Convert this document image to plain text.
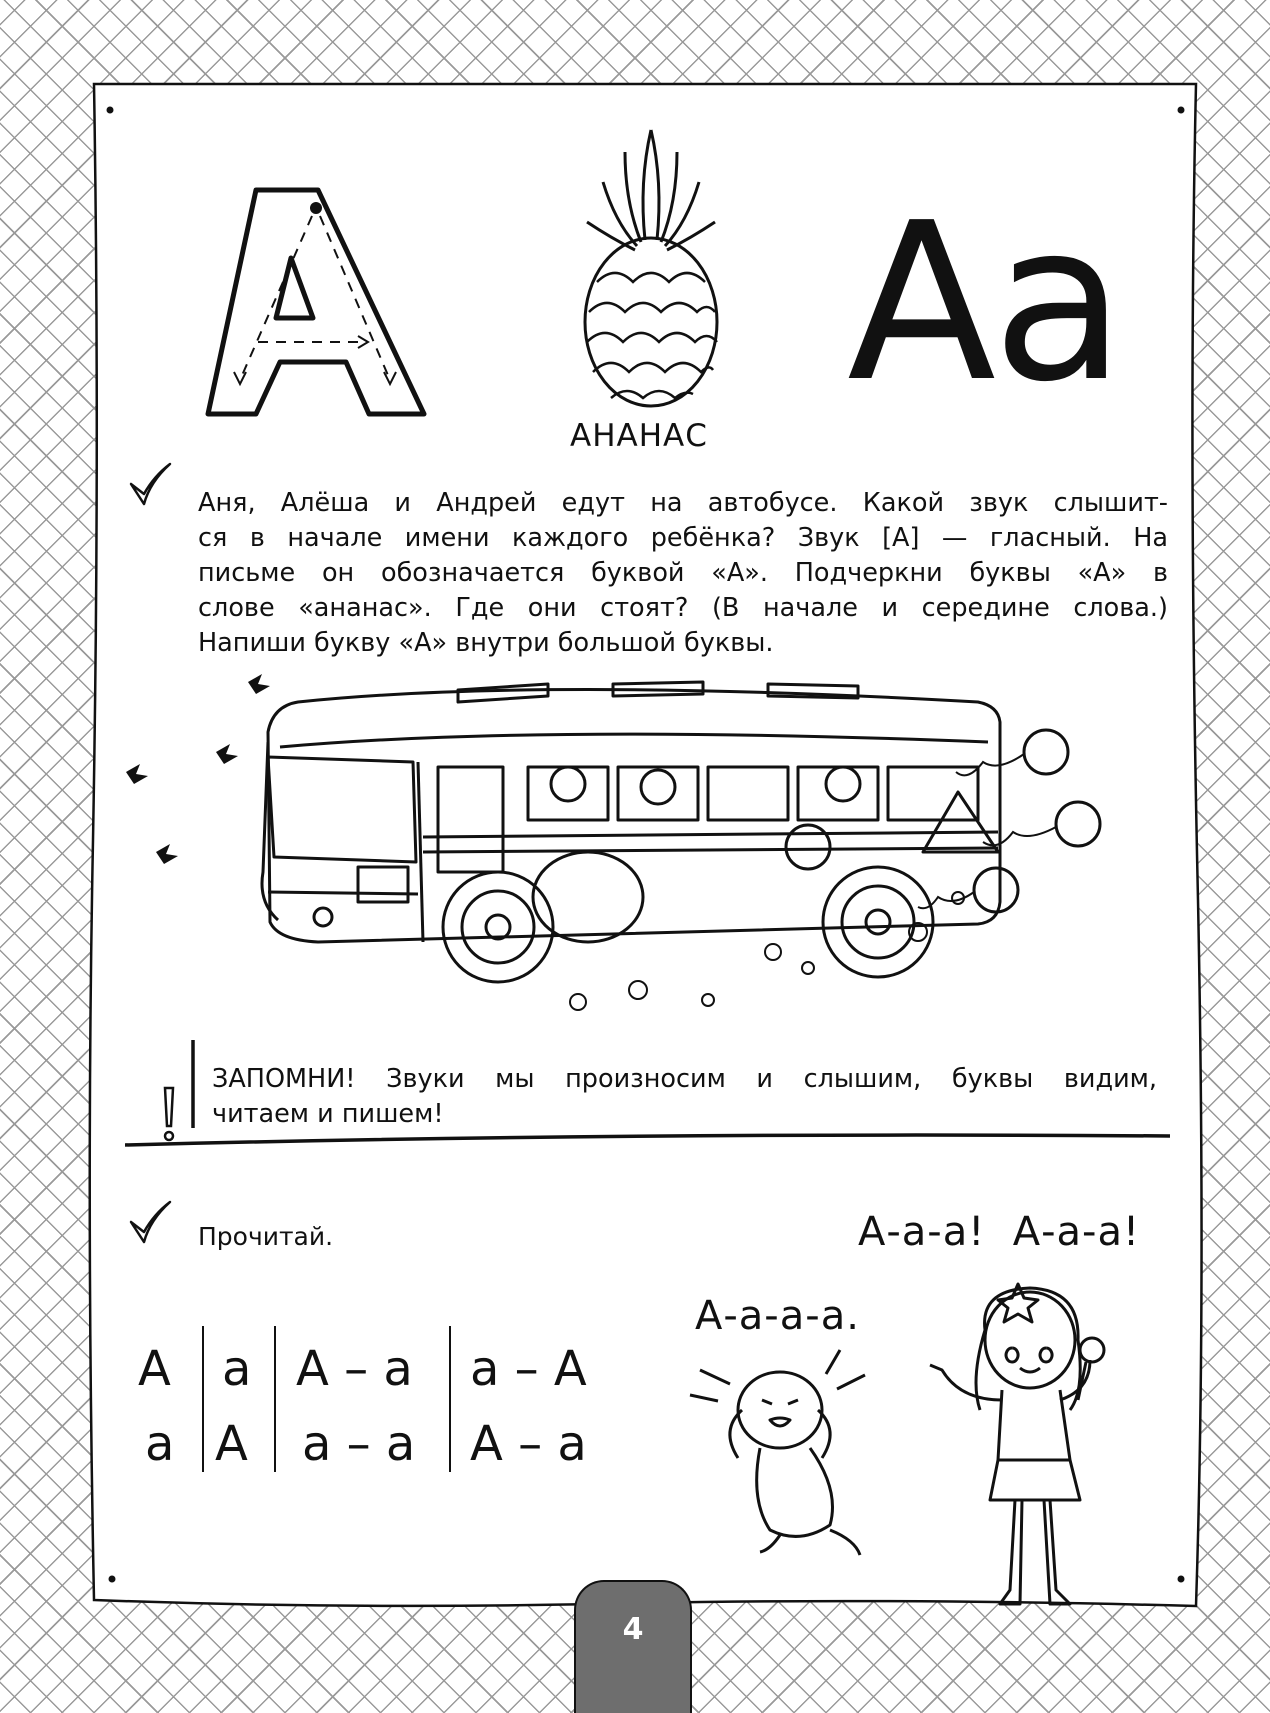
Аа
АНАНАС
Аня, Алёша и Андрей едут на автобусе. Какой звук слышит-
ся в начале имени каждого ребёнка? Звук [А] — гласный. На
письме он обозначается буквой «А». Подчеркни буквы «А» в
слове «ананас». Где они стоят? (В начале и середине слова.)
Напиши букву «А» внутри большой буквы.
ЗАПОМНИ! Звуки мы произносим и слышим, буквы видим,
читаем и пишем!
Прочитай.	А-а-а!  А-а-а!
А-а-а-а.
А а А – а а – А
а А а – а А – а
4
